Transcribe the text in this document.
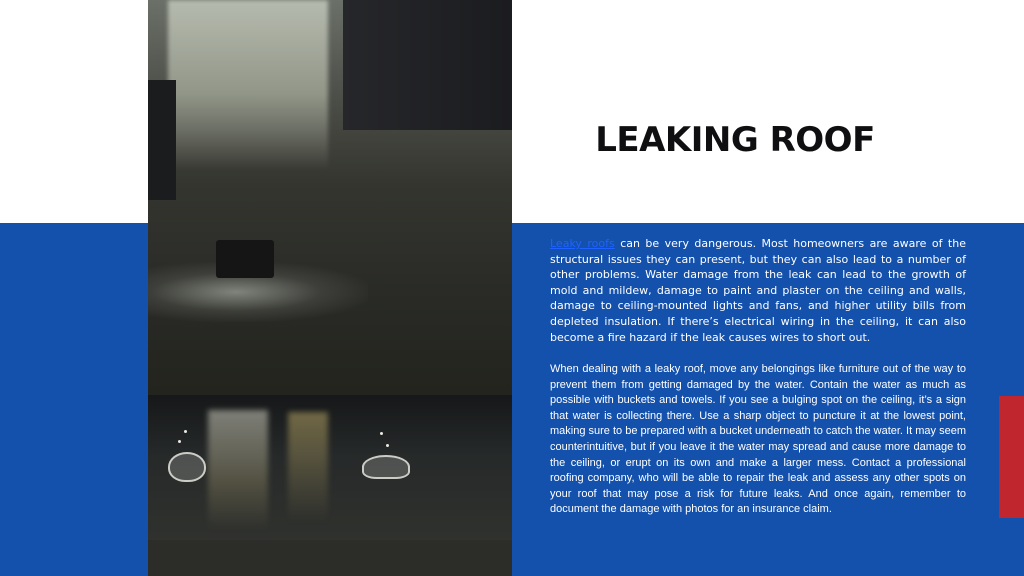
LEAKING ROOF

Leaky roofs can be very dangerous. Most homeowners are aware of the structural issues they can present, but they can also lead to a number of other problems. Water damage from the leak can lead to the growth of mold and mildew, damage to paint and plaster on the ceiling and walls, damage to ceiling-mounted lights and fans, and higher utility bills from depleted insulation. If there’s electrical wiring in the ceiling, it can also become a fire hazard if the leak causes wires to short out.

When dealing with a leaky roof, move any belongings like furniture out of the way to prevent them from getting damaged by the water. Contain the water as much as possible with buckets and towels. If you see a bulging spot on the ceiling, it’s a sign that water is collecting there. Use a sharp object to puncture it at the lowest point, making sure to be prepared with a bucket underneath to catch the water. It may seem counterintuitive, but if you leave it the water may spread and cause more damage to the ceiling, or erupt on its own and make a larger mess. Contact a professional roofing company, who will be able to repair the leak and assess any other spots on your roof that may pose a risk for future leaks. And once again, remember to document the damage with photos for an insurance claim.
